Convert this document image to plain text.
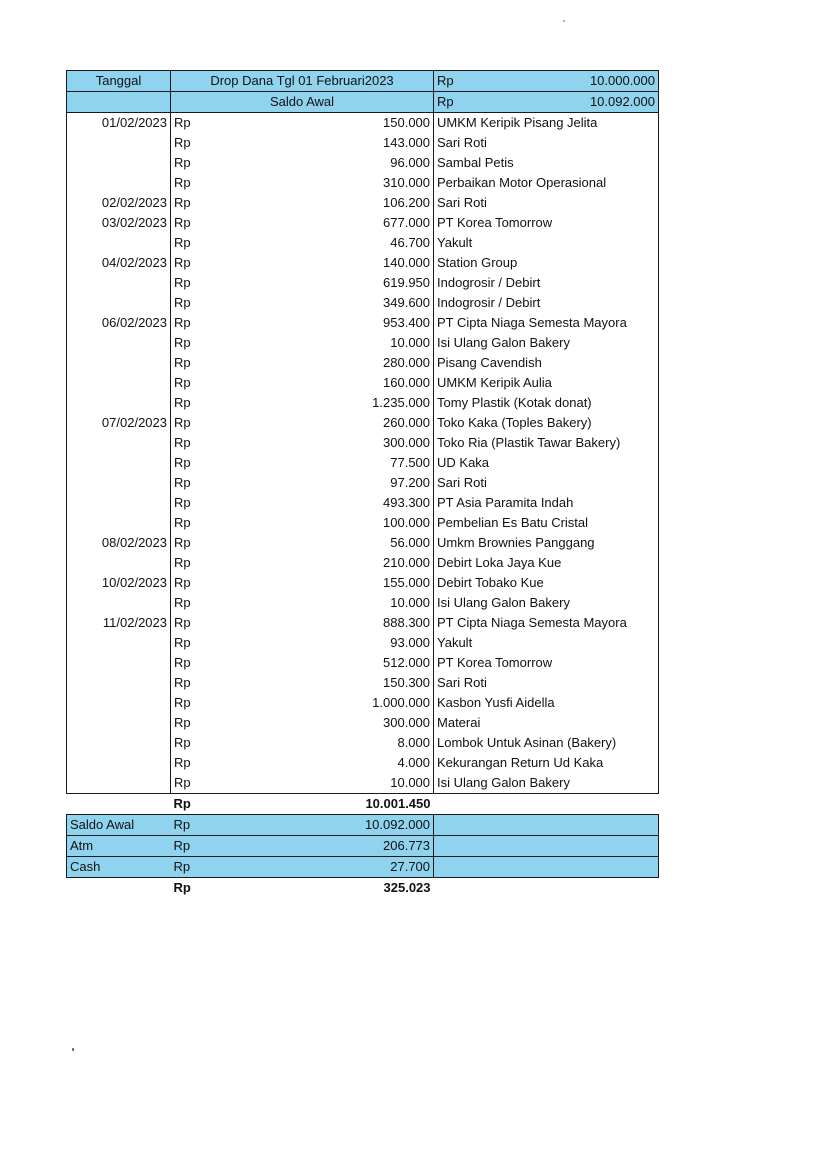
Tanggal	Drop Dana Tgl 01 Februari2023		Rp	10.000.000
	Saldo Awal		Rp	10.092.000
01/02/2023	Rp	150.000	UMKM Keripik Pisang Jelita	
	Rp	143.000	Sari Roti	
	Rp	96.000	Sambal Petis	
	Rp	310.000	Perbaikan Motor Operasional	
02/02/2023	Rp	106.200	Sari Roti	
03/02/2023	Rp	677.000	PT Korea Tomorrow	
	Rp	46.700	Yakult	
04/02/2023	Rp	140.000	Station Group	
	Rp	619.950	Indogrosir / Debirt	
	Rp	349.600	Indogrosir / Debirt	
06/02/2023	Rp	953.400	PT Cipta Niaga Semesta Mayora	
	Rp	10.000	Isi Ulang Galon Bakery	
	Rp	280.000	Pisang Cavendish	
	Rp	160.000	UMKM Keripik Aulia	
	Rp	1.235.000	Tomy Plastik (Kotak donat)	
07/02/2023	Rp	260.000	Toko Kaka (Toples Bakery)	
	Rp	300.000	Toko Ria (Plastik Tawar Bakery)	
	Rp	77.500	UD Kaka	
	Rp	97.200	Sari Roti	
	Rp	493.300	PT Asia Paramita Indah	
	Rp	100.000	Pembelian Es Batu Cristal	
08/02/2023	Rp	56.000	Umkm Brownies Panggang	
	Rp	210.000	Debirt Loka Jaya Kue	
10/02/2023	Rp	155.000	Debirt Tobako Kue	
	Rp	10.000	Isi Ulang Galon Bakery	
11/02/2023	Rp	888.300	PT Cipta Niaga Semesta Mayora	
	Rp	93.000	Yakult	
	Rp	512.000	PT Korea Tomorrow	
	Rp	150.300	Sari Roti	
	Rp	1.000.000	Kasbon Yusfi Aidella	
	Rp	300.000	Materai	
	Rp	8.000	Lombok Untuk Asinan (Bakery)	
	Rp	4.000	Kekurangan Return Ud Kaka	
	Rp	10.000	Isi Ulang Galon Bakery	
	Rp	10.001.450		
Saldo Awal	Rp	10.092.000		
Atm	Rp	206.773		
Cash	Rp	27.700		
	Rp	325.023		
